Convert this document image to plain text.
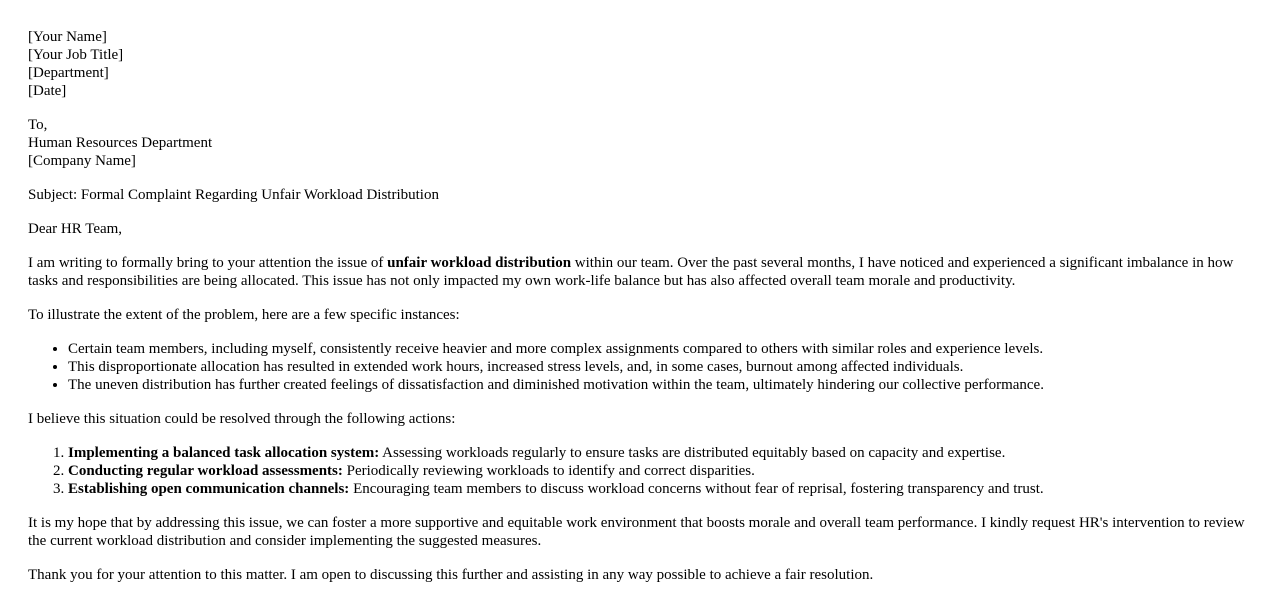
[Your Name]
[Your Job Title]
[Department]
[Date]
To,
Human Resources Department
[Company Name]

Subject: Formal Complaint Regarding Unfair Workload Distribution

Dear HR Team,

I am writing to formally bring to your attention the issue of unfair workload distribution within our team. Over the past several months, I have noticed and experienced a significant imbalance in how tasks and responsibilities are being allocated. This issue has not only impacted my own work-life balance but has also affected overall team morale and productivity.

To illustrate the extent of the problem, here are a few specific instances:

• Certain team members, including myself, consistently receive heavier and more complex assignments compared to others with similar roles and experience levels.
• This disproportionate allocation has resulted in extended work hours, increased stress levels, and, in some cases, burnout among affected individuals.
• The uneven distribution has further created feelings of dissatisfaction and diminished motivation within the team, ultimately hindering our collective performance.

I believe this situation could be resolved through the following actions:

1. Implementing a balanced task allocation system: Assessing workloads regularly to ensure tasks are distributed equitably based on capacity and expertise.
2. Conducting regular workload assessments: Periodically reviewing workloads to identify and correct disparities.
3. Establishing open communication channels: Encouraging team members to discuss workload concerns without fear of reprisal, fostering transparency and trust.

It is my hope that by addressing this issue, we can foster a more supportive and equitable work environment that boosts morale and overall team performance. I kindly request HR's intervention to review the current workload distribution and consider implementing the suggested measures.

Thank you for your attention to this matter. I am open to discussing this further and assisting in any way possible to achieve a fair resolution.
